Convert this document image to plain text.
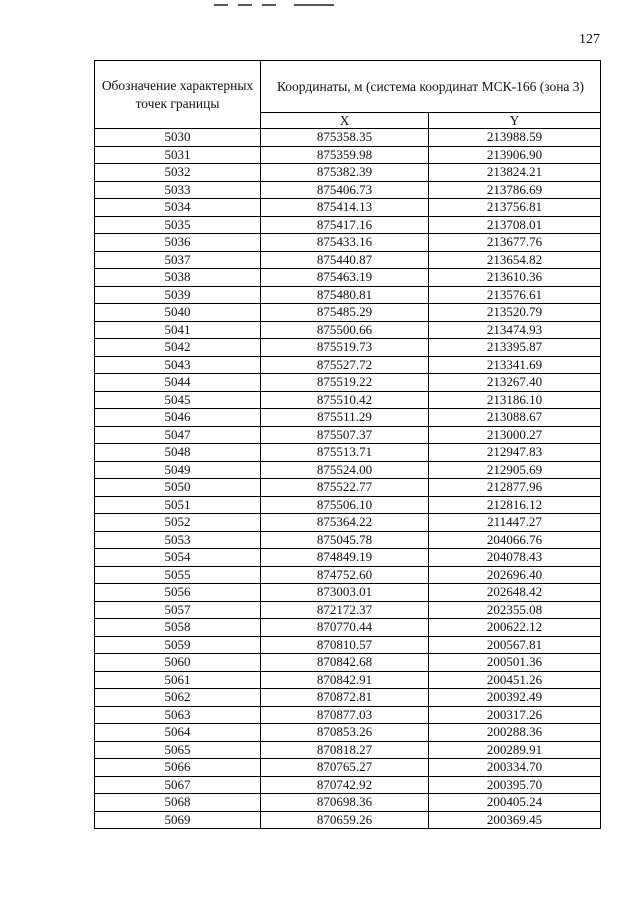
127
Обозначение характерных точек границы	Координаты, м (система координат МСК-166 (зона 3)	
	X	Y
5030	875358.35	213988.59
5031	875359.98	213906.90
5032	875382.39	213824.21
5033	875406.73	213786.69
5034	875414.13	213756.81
5035	875417.16	213708.01
5036	875433.16	213677.76
5037	875440.87	213654.82
5038	875463.19	213610.36
5039	875480.81	213576.61
5040	875485.29	213520.79
5041	875500.66	213474.93
5042	875519.73	213395.87
5043	875527.72	213341.69
5044	875519.22	213267.40
5045	875510.42	213186.10
5046	875511.29	213088.67
5047	875507.37	213000.27
5048	875513.71	212947.83
5049	875524.00	212905.69
5050	875522.77	212877.96
5051	875506.10	212816.12
5052	875364.22	211447.27
5053	875045.78	204066.76
5054	874849.19	204078.43
5055	874752.60	202696.40
5056	873003.01	202648.42
5057	872172.37	202355.08
5058	870770.44	200622.12
5059	870810.57	200567.81
5060	870842.68	200501.36
5061	870842.91	200451.26
5062	870872.81	200392.49
5063	870877.03	200317.26
5064	870853.26	200288.36
5065	870818.27	200289.91
5066	870765.27	200334.70
5067	870742.92	200395.70
5068	870698.36	200405.24
5069	870659.26	200369.45
